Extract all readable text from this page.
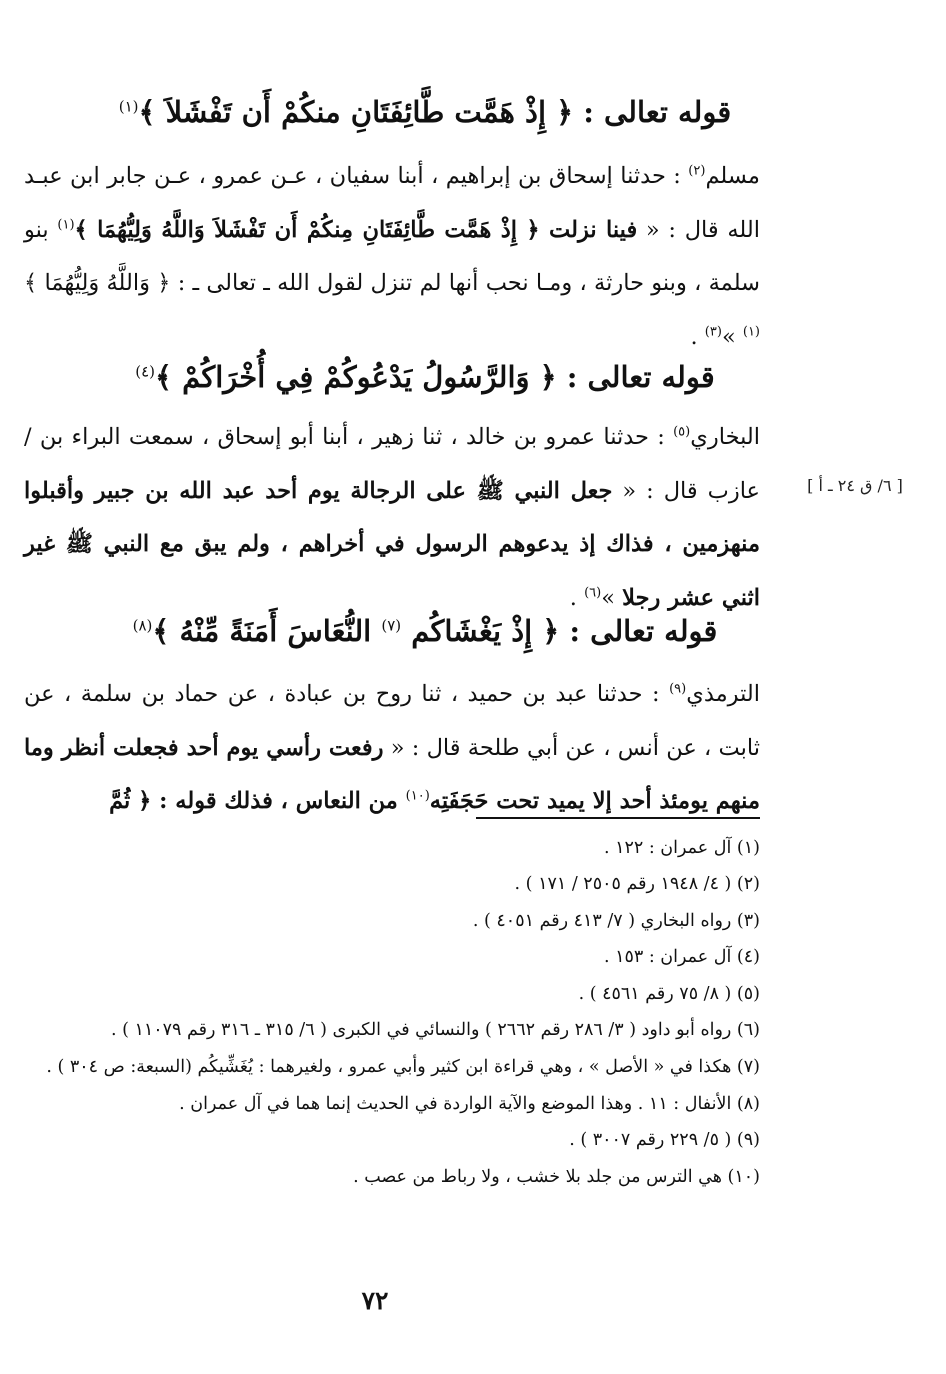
قوله تعالى : ﴿ إِذْ هَمَّت طَّائِفَتَانِ منكُمْ أَن تَفْشَلاَ ﴾$^{(١)}$
مسلم$^{(٢)}$ : حدثنا إسحاق بن إبراهيم ، أبنا سفيان ، عـن عمرو ، عـن جابر ابن عبـد الله قال : « فينا نزلت ﴿ إِذْ هَمَّت طَّائِفَتَانِ مِنكُمْ أَن تَفْشَلاَ وَاللَّهُ وَلِيُّهُمَا ﴾$^{(١)}$ بنو سلمة ، وبنو حارثة ، ومـا نحب أنها لم تنزل لقول الله ـ تعالى ـ : ﴿ وَاللَّهُ وَلِيُّهُمَا ﴾$^{(١)}$ »$^{(٣)}$ .
قوله تعالى : ﴿ وَالرَّسُولُ يَدْعُوكُمْ فِي أُخْرَاكُمْ ﴾$^{(٤)}$
البخاري$^{(٥)}$ : حدثنا عمرو بن خالد ، ثنا زهير ، أبنا أبو إسحاق ، سمعت البراء بن / عازب قال : « جعل النبي ﷺ على الرجالة يوم أحد عبد الله بن جبير وأقبلوا منهزمين ، فذاك إذ يدعوهم الرسول في أخراهم ، ولم يبق مع النبي ﷺ غير اثني عشر رجلا »$^{(٦)}$ .
[ ٦/ ق ٢٤ ـ أ ]
قوله تعالى : ﴿ إِذْ يَغْشَاكُم $^{(٧)}$ النُّعَاسَ أَمَنَةً مِّنْهُ ﴾$^{(٨)}$
الترمذي$^{(٩)}$ : حدثنا عبد بن حميد ، ثنا روح بن عبادة ، عن حماد بن سلمة ، عن ثابت ، عن أنس ، عن أبي طلحة قال : « رفعت رأسي يوم أحد فجعلت أنظر وما منهم يومئذ أحد إلا يميد تحت حَجَفَتِه$^{(١٠)}$ من النعاس ، فذلك قوله : ﴿ ثُمَّ
(١) آل عمران : ١٢٢ .
(٢) ( ٤/ ١٩٤٨ رقم ٢٥٠٥ / ١٧١ ) .
(٣) رواه البخاري ( ٧/ ٤١٣ رقم ٤٠٥١ ) .
(٤) آل عمران : ١٥٣ .
(٥) ( ٨/ ٧٥ رقم ٤٥٦١ ) .
(٦) رواه أبو داود ( ٣/ ٢٨٦ رقم ٢٦٦٢ ) والنسائي في الكبرى ( ٦/ ٣١٥ ـ ٣١٦ رقم ١١٠٧٩ ) .
(٧) هكذا في « الأصل » ، وهي قراءة ابن كثير وأبي عمرو ، ولغيرهما : يُغَشِّيكُم (السبعة: ص ٣٠٤ ) .
(٨) الأنفال : ١١ . وهذا الموضع والآية الواردة في الحديث إنما هما في آل عمران .
(٩) ( ٥/ ٢٢٩ رقم ٣٠٠٧ ) .
(١٠) هي الترس من جلد بلا خشب ، ولا رباط من عصب .
٧٢
